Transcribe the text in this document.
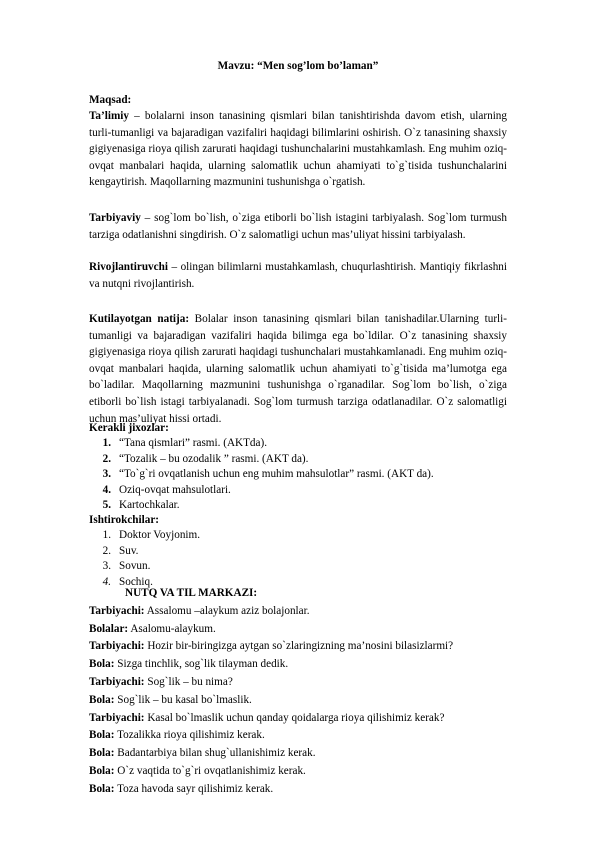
Mavzu: “Men sog’lom bo’laman”
Maqsad:
Ta’limiy – bolalarni inson tanasining qismlari bilan tanishtirishda davom etish, ularning turli-tumanligi va bajaradigan vazifaliri haqidagi bilimlarini oshirish. O`z tanasining shaxsiy gigiyenasiga rioya qilish zarurati haqidagi tushunchalarini mustahkamlash. Eng muhim oziq-ovqat manbalari haqida, ularning salomatlik uchun ahamiyati to`g`tisida tushunchalarini kengaytirish. Maqollarning mazmunini tushunishga o`rgatish.
Tarbiyaviy – sog`lom bo`lish, o`ziga etiborli bo`lish istagini tarbiyalash. Sog`lom turmush tarziga odatlanishni singdirish. O`z salomatligi uchun mas’uliyat hissini tarbiyalash.
Rivojlantiruvchi – olingan bilimlarni mustahkamlash, chuqurlashtirish. Mantiqiy fikrlashni va nutqni rivojlantirish.
Kutilayotgan natija: Bolalar inson tanasining qismlari bilan tanishadilar.Ularning turli-tumanligi va bajaradigan vazifaliri haqida bilimga ega bo`ldilar. O`z tanasining shaxsiy gigiyenasiga rioya qilish zarurati haqidagi tushunchalari mustahkamlanadi. Eng muhim oziq-ovqat manbalari haqida, ularning salomatlik uchun ahamiyati to`g`tisida ma’lumotga ega bo`ladilar. Maqollarning mazmunini tushunishga o`rganadilar. Sog`lom bo`lish, o`ziga etiborli bo`lish istagi tarbiyalanadi. Sog`lom turmush tarziga odatlanadilar. O`z salomatligi uchun mas’uliyat hissi ortadi.
Kerakli jixozlar:
1. “Tana qismlari” rasmi. (AKTda).
2. “Tozalik – bu ozodalik ” rasmi. (AKT da).
3. “To`g`ri ovqatlanish uchun eng muhim mahsulotlar” rasmi. (AKT da).
4. Oziq-ovqat mahsulotlari.
5. Kartochkalar.
Ishtirokchilar:
1. Doktor Voyjonim.
2. Suv.
3. Sovun.
4. Sochiq.
NUTQ VA TIL MARKAZI:
Tarbiyachi: Assalomu –alaykum aziz bolajonlar.
Bolalar: Asalomu-alaykum.
Tarbiyachi: Hozir bir-biringizga aytgan so`zlaringizning ma’nosini bilasizlarmi?
Bola: Sizga tinchlik, sog`lik tilayman dedik.
Tarbiyachi: Sog`lik – bu nima?
Bola: Sog`lik – bu kasal bo`lmaslik.
Tarbiyachi: Kasal bo`lmaslik uchun qanday qoidalarga rioya qilishimiz kerak?
Bola: Tozalikka rioya qilishimiz kerak.
Bola: Badantarbiya bilan shug`ullanishimiz kerak.
Bola: O`z vaqtida to`g`ri ovqatlanishimiz kerak.
Bola: Toza havoda sayr qilishimiz kerak.
